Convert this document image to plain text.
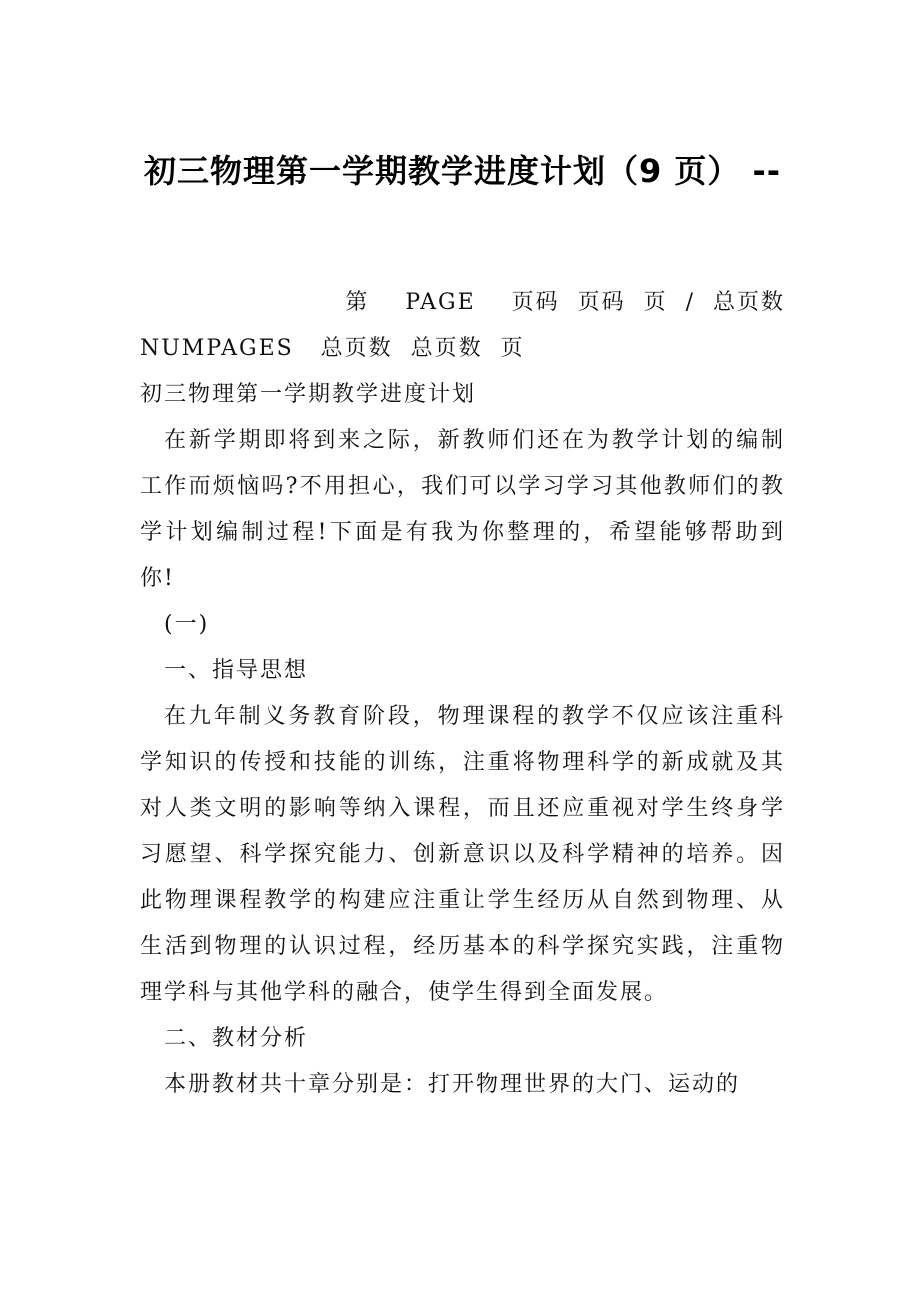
初三物理第一学期教学进度计划（9 页） --

第    PAGE    页码  页码  页  /  总页数

NUMPAGES   总页数  总页数  页

初三物理第一学期教学进度计划

在新学期即将到来之际，新教师们还在为教学计划的编制工作而烦恼吗?不用担心，我们可以学习学习其他教师们的教学计划编制过程!下面是有我为你整理的，希望能够帮助到你!

(一)

一、指导思想

在九年制义务教育阶段，物理课程的教学不仅应该注重科学知识的传授和技能的训练，注重将物理科学的新成就及其对人类文明的影响等纳入课程，而且还应重视对学生终身学习愿望、科学探究能力、创新意识以及科学精神的培养。因此物理课程教学的构建应注重让学生经历从自然到物理、从生活到物理的认识过程，经历基本的科学探究实践，注重物理学科与其他学科的融合，使学生得到全面发展。

二、教材分析

本册教材共十章分别是：打开物理世界的大门、运动的
